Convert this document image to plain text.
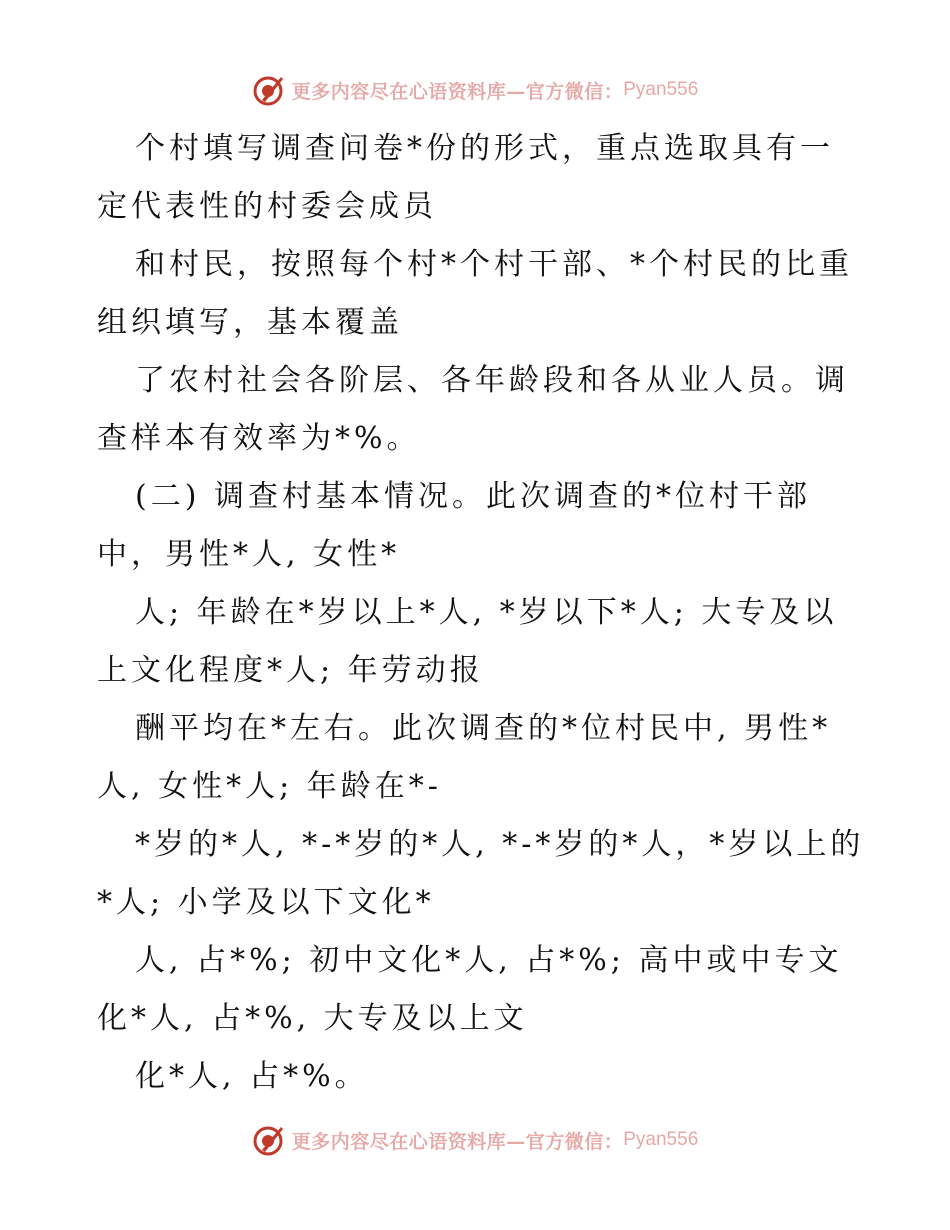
更多内容尽在心语资料库—官方微信： Pyan556

个村填写调查问卷*份的形式，重点选取具有一定代表性的村委会成员

和村民，按照每个村*个村干部、*个村民的比重组织填写，基本覆盖

了农村社会各阶层、各年龄段和各从业人员。调查样本有效率为*%。

(二) 调查村基本情况。此次调查的*位村干部中，男性*人, 女性*

人; 年龄在*岁以上*人, *岁以下*人; 大专及以上文化程度*人; 年劳动报

酬平均在*左右。此次调查的*位村民中, 男性*人, 女性*人; 年龄在*-

*岁的*人, *-*岁的*人, *-*岁的*人，*岁以上的*人; 小学及以下文化*

人, 占*%; 初中文化*人, 占*%; 高中或中专文化*人, 占*%, 大专及以上文

化*人, 占*%。

更多内容尽在心语资料库—官方微信： Pyan556
